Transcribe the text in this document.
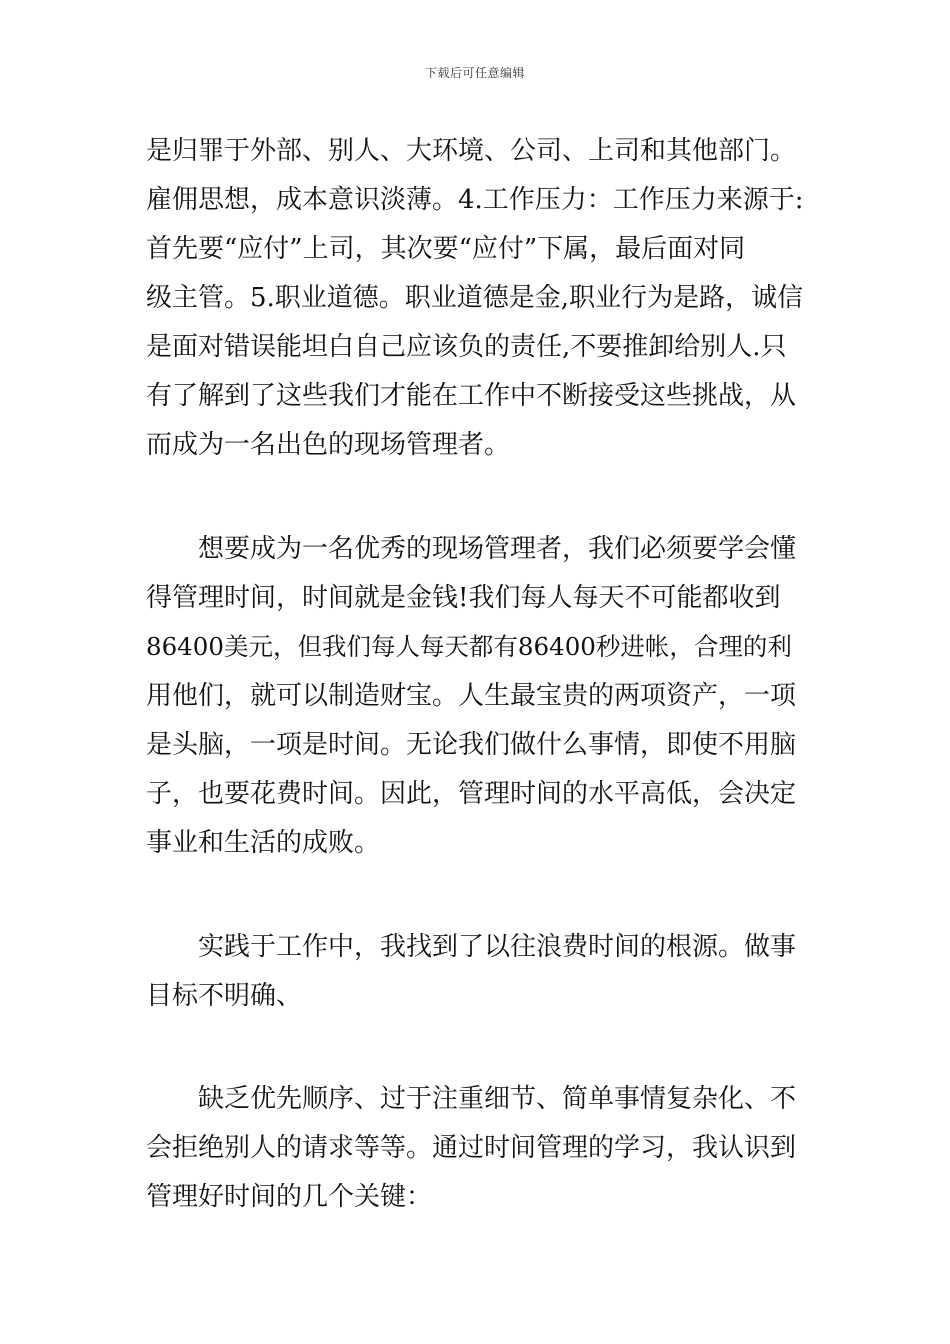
下载后可任意编辑
是归罪于外部、别人、大环境、公司、上司和其他部门。
雇佣思想，成本意识淡薄。4.工作压力：工作压力来源于:
首先要“应付”上司，其次要“应付”下属，最后面对同
级主管。5.职业道德。职业道德是金,职业行为是路，诚信
是面对错误能坦白自己应该负的责任,不要推卸给别人.只
有了解到了这些我们才能在工作中不断接受这些挑战，从
而成为一名出色的现场管理者。
想要成为一名优秀的现场管理者，我们必须要学会懂
得管理时间，时间就是金钱!我们每人每天不可能都收到
86400美元，但我们每人每天都有86400秒进帐，合理的利
用他们，就可以制造财宝。人生最宝贵的两项资产，一项
是头脑，一项是时间。无论我们做什么事情，即使不用脑
子，也要花费时间。因此，管理时间的水平高低，会决定
事业和生活的成败。
实践于工作中，我找到了以往浪费时间的根源。做事
目标不明确、
缺乏优先顺序、过于注重细节、简单事情复杂化、不
会拒绝别人的请求等等。通过时间管理的学习，我认识到
管理好时间的几个关键：
